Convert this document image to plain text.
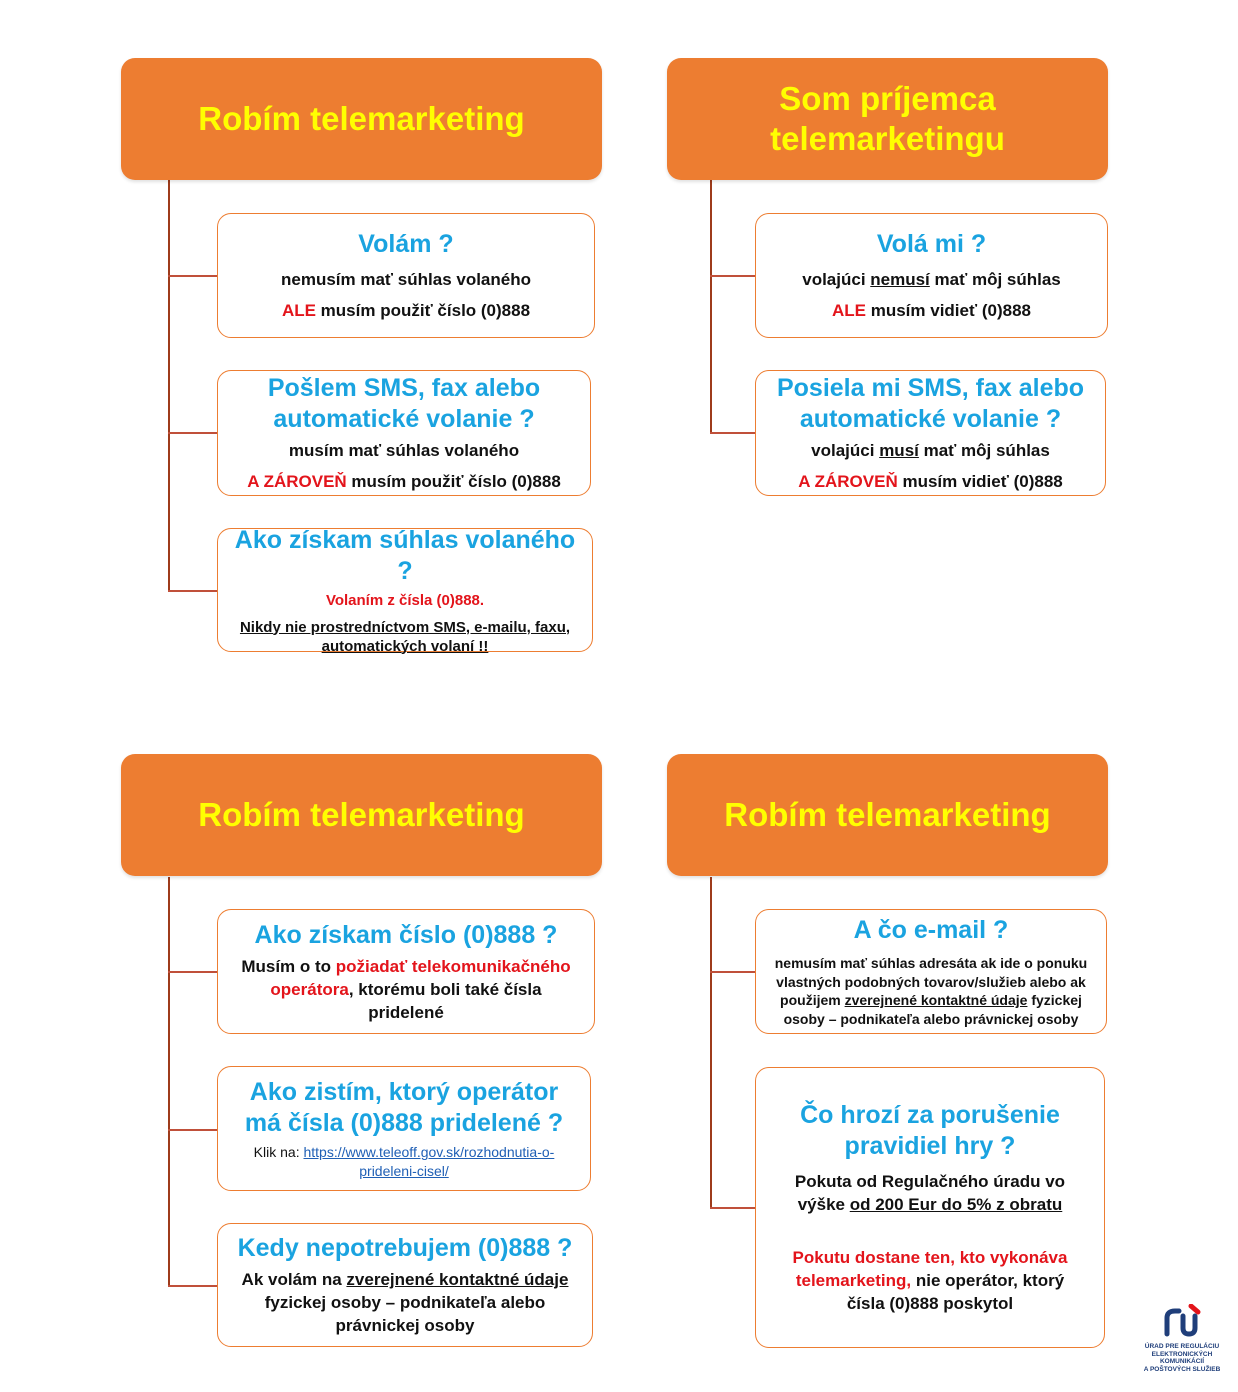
Robím telemarketing
Volám ?
nemusím mať súhlas volaného
ALE musím použiť číslo (0)888
Pošlem SMS, fax alebo
automatické volanie ?
musím mať súhlas volaného
A ZÁROVEŇ musím použiť číslo (0)888
Ako získam súhlas volaného ?
Volaním z čísla (0)888.
Nikdy nie prostredníctvom SMS, e-mailu, faxu,
automatických volaní !!
Som príjemca
telemarketingu
Volá mi ?
volajúci nemusí mať môj súhlas
ALE musím vidieť (0)888
Posiela mi SMS, fax alebo
automatické volanie ?
volajúci musí mať môj súhlas
A ZÁROVEŇ musím vidieť (0)888
Robím telemarketing
Ako získam číslo (0)888 ?
Musím o to požiadať telekomunikačného
operátora, ktorému boli také čísla
pridelené
Ako zistím, ktorý operátor
má čísla (0)888 pridelené ?
Klik na: https://www.teleoff.gov.sk/rozhodnutia-o-
prideleni-cisel/
Kedy nepotrebujem (0)888 ?
Ak volám na zverejnené kontaktné údaje
fyzickej osoby – podnikateľa alebo
právnickej osoby
Robím telemarketing
A čo e-mail ?
nemusím mať súhlas adresáta ak ide o ponuku
vlastných podobných tovarov/služieb alebo ak
použijem zverejnené kontaktné údaje fyzickej
osoby – podnikateľa alebo právnickej osoby
Čo hrozí za porušenie
pravidiel hry ?
Pokuta od Regulačného úradu vo
výške od 200 Eur do 5% z obratu
Pokutu dostane ten, kto vykonáva
telemarketing, nie operátor, ktorý
čísla (0)888 poskytol
ÚRAD PRE REGULÁCIU
ELEKTRONICKÝCH KOMUNIKÁCIÍ
A POŠTOVÝCH SLUŽIEB
